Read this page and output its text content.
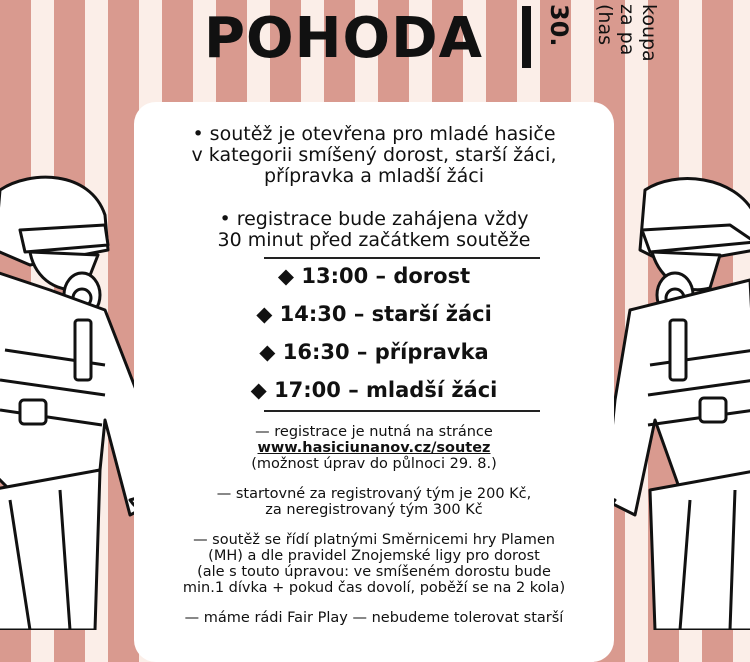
POHODA	30. (has za pa koupa
• soutěž je otevřena pro mladé hasiče
v kategorii smíšený dorost, starší žáci,
přípravka a mladší žáci
• registrace bude zahájena vždy
30 minut před začátkem soutěže
◆ 13:00 – dorost
◆ 14:30 – starší žáci
◆ 16:30 – přípravka
◆ 17:00 – mladší žáci
— registrace je nutná na stránce
www.hasiciunanov.cz/soutez
(možnost úprav do půlnoci 29. 8.)
— startovné za registrovaný tým je 200 Kč,
za neregistrovaný tým 300 Kč
— soutěž se řídí platnými Směrnicemi hry Plamen
(MH) a dle pravidel Znojemské ligy pro dorost
(ale s touto úpravou: ve smíšeném dorostu bude
min.1 dívka + pokud čas dovolí, poběží se na 2 kola)
— máme rádi Fair Play — nebudeme tolerovat starší
